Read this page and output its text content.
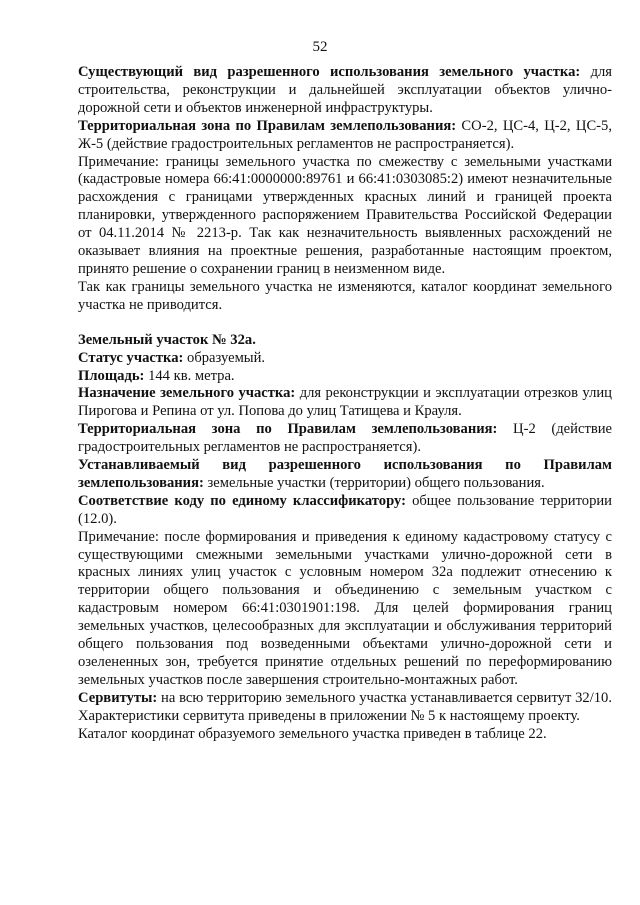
52

Существующий вид разрешенного использования земельного участка: для строительства, реконструкции и дальнейшей эксплуатации объектов улично-дорожной сети и объектов инженерной инфраструктуры.

Территориальная зона по Правилам землепользования: СО-2, ЦС-4, Ц-2, ЦС-5, Ж-5 (действие градостроительных регламентов не распространяется).

Примечание: границы земельного участка по смежеству с земельными участками (кадастровые номера 66:41:0000000:89761 и 66:41:0303085:2) имеют незначительные расхождения с границами утвержденных красных линий и границей проекта планировки, утвержденного распоряжением Правительства Российской Федерации от 04.11.2014 № 2213-р. Так как незначительность выявленных расхождений не оказывает влияния на проектные решения, разработанные настоящим проектом, принято решение о сохранении границ в неизменном виде.

Так как границы земельного участка не изменяются, каталог координат земельного участка не приводится.

Земельный участок № 32а.

Статус участка: образуемый.

Площадь: 144 кв. метра.

Назначение земельного участка: для реконструкции и эксплуатации отрезков улиц Пирогова и Репина от ул. Попова до улиц Татищева и Крауля.

Территориальная зона по Правилам землепользования: Ц-2 (действие градостроительных регламентов не распространяется).

Устанавливаемый вид разрешенного использования по Правилам землепользования: земельные участки (территории) общего пользования.

Соответствие коду по единому классификатору: общее пользование территории (12.0).

Примечание: после формирования и приведения к единому кадастровому статусу с существующими смежными земельными участками улично-дорожной сети в красных линиях улиц участок с условным номером 32а подлежит отнесению к территории общего пользования и объединению с земельным участком с кадастровым номером 66:41:0301901:198. Для целей формирования границ земельных участков, целесообразных для эксплуатации и обслуживания территорий общего пользования под возведенными объектами улично-дорожной сети и озелененных зон, требуется принятие отдельных решений по переформированию земельных участков после завершения строительно-монтажных работ.

Сервитуты: на всю территорию земельного участка устанавливается сервитут 32/10. Характеристики сервитута приведены в приложении № 5 к настоящему проекту.

Каталог координат образуемого земельного участка приведен в таблице 22.
